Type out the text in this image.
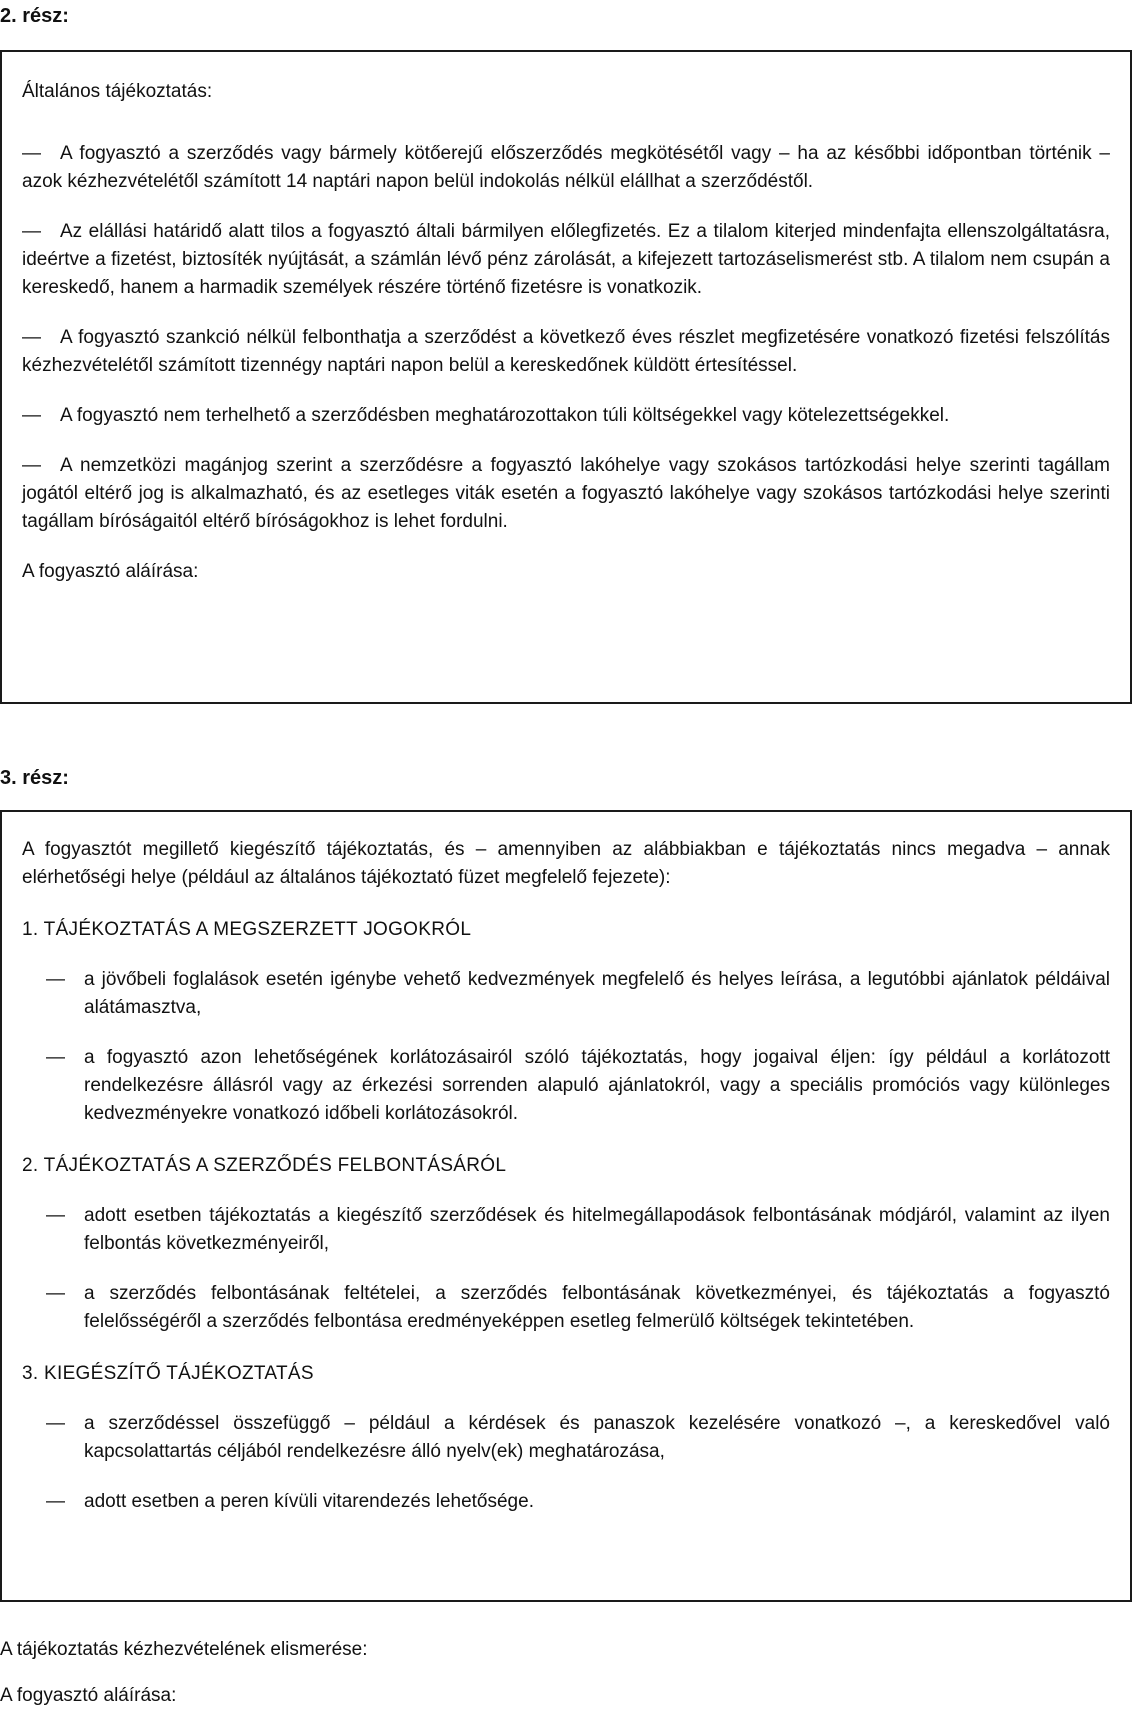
2. rész:

Általános tájékoztatás:

— A fogyasztó a szerződés vagy bármely kötőerejű előszerződés megkötésétől vagy – ha az későbbi időpontban történik – azok kézhezvételétől számított 14 naptári napon belül indokolás nélkül elállhat a szerződéstől.
— Az elállási határidő alatt tilos a fogyasztó általi bármilyen előlegfizetés. Ez a tilalom kiterjed mindenfajta ellenszolgáltatásra, ideértve a fizetést, biztosíték nyújtását, a számlán lévő pénz zárolását, a kifejezett tartozáselismerést stb. A tilalom nem csupán a kereskedő, hanem a harmadik személyek részére történő fizetésre is vonatkozik.
— A fogyasztó szankció nélkül felbonthatja a szerződést a következő éves részlet megfizetésére vonatkozó fizetési felszólítás kézhezvételétől számított tizennégy naptári napon belül a kereskedőnek küldött értesítéssel.
— A fogyasztó nem terhelhető a szerződésben meghatározottakon túli költségekkel vagy kötelezettségekkel.
— A nemzetközi magánjog szerint a szerződésre a fogyasztó lakóhelye vagy szokásos tartózkodási helye szerinti tagállam jogától eltérő jog is alkalmazható, és az esetleges viták esetén a fogyasztó lakóhelye vagy szokásos tartózkodási helye szerinti tagállam bíróságaitól eltérő bíróságokhoz is lehet fordulni.

A fogyasztó aláírása:

3. rész:

A fogyasztót megillető kiegészítő tájékoztatás, és – amennyiben az alábbiakban e tájékoztatás nincs megadva – annak elérhetőségi helye (például az általános tájékoztató füzet megfelelő fejezete):

1. TÁJÉKOZTATÁS A MEGSZERZETT JOGOKRÓL

— a jövőbeli foglalások esetén igénybe vehető kedvezmények megfelelő és helyes leírása, a legutóbbi ajánlatok példáival alátámasztva,
— a fogyasztó azon lehetőségének korlátozásairól szóló tájékoztatás, hogy jogaival éljen: így például a korlátozott rendelkezésre állásról vagy az érkezési sorrenden alapuló ajánlatokról, vagy a speciális promóciós vagy különleges kedvezményekre vonatkozó időbeli korlátozásokról.

2. TÁJÉKOZTATÁS A SZERZŐDÉS FELBONTÁSÁRÓL

— adott esetben tájékoztatás a kiegészítő szerződések és hitelmegállapodások felbontásának módjáról, valamint az ilyen felbontás következményeiről,
— a szerződés felbontásának feltételei, a szerződés felbontásának következményei, és tájékoztatás a fogyasztó felelősségéről a szerződés felbontása eredményeképpen esetleg felmerülő költségek tekintetében.

3. KIEGÉSZÍTŐ TÁJÉKOZTATÁS

— a szerződéssel összefüggő – például a kérdések és panaszok kezelésére vonatkozó –, a kereskedővel való kapcsolattartás céljából rendelkezésre álló nyelv(ek) meghatározása,
— adott esetben a peren kívüli vitarendezés lehetősége.

A tájékoztatás kézhezvételének elismerése:

A fogyasztó aláírása:
